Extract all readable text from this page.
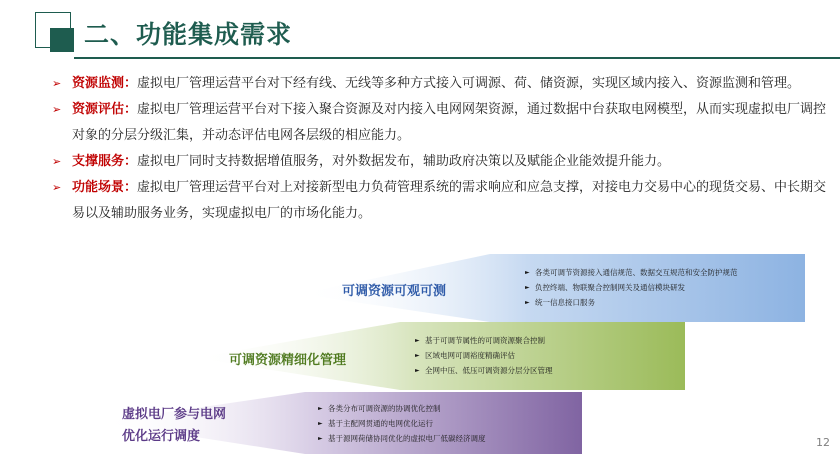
二、功能集成需求
➢ 资源监测：虚拟电厂管理运营平台对下经有线、无线等多种方式接入可调源、荷、储资源，实现区域内接入、资源监测和管理。
➢ 资源评估：虚拟电厂管理运营平台对下接入聚合资源及对内接入电网网架资源，通过数据中台获取电网模型，从而实现虚拟电厂调控对象的分层分级汇集，并动态评估电网各层级的相应能力。
➢ 支撑服务：虚拟电厂同时支持数据增值服务，对外数据发布，辅助政府决策以及赋能企业能效提升能力。
➢ 功能场景：虚拟电厂管理运营平台对上对接新型电力负荷管理系统的需求响应和应急支撑，对接电力交易中心的现货交易、中长期交易以及辅助服务业务，实现虚拟电厂的市场化能力。
可调资源可观可测
► 各类可调节资源接入通信规范、数据交互规范和安全防护规范
► 负控终端、物联聚合控制网关及通信模块研发
► 统一信息接口服务
可调资源精细化管理
► 基于可调节属性的可调资源聚合控制
► 区域电网可调裕度精确评估
► 全网中压、低压可调资源分层分区管理
虚拟电厂参与电网
优化运行调度
► 各类分布可调资源的协调优化控制
► 基于主配网贯通的电网优化运行
► 基于源网荷储协同优化的虚拟电厂低碳经济调度	12
